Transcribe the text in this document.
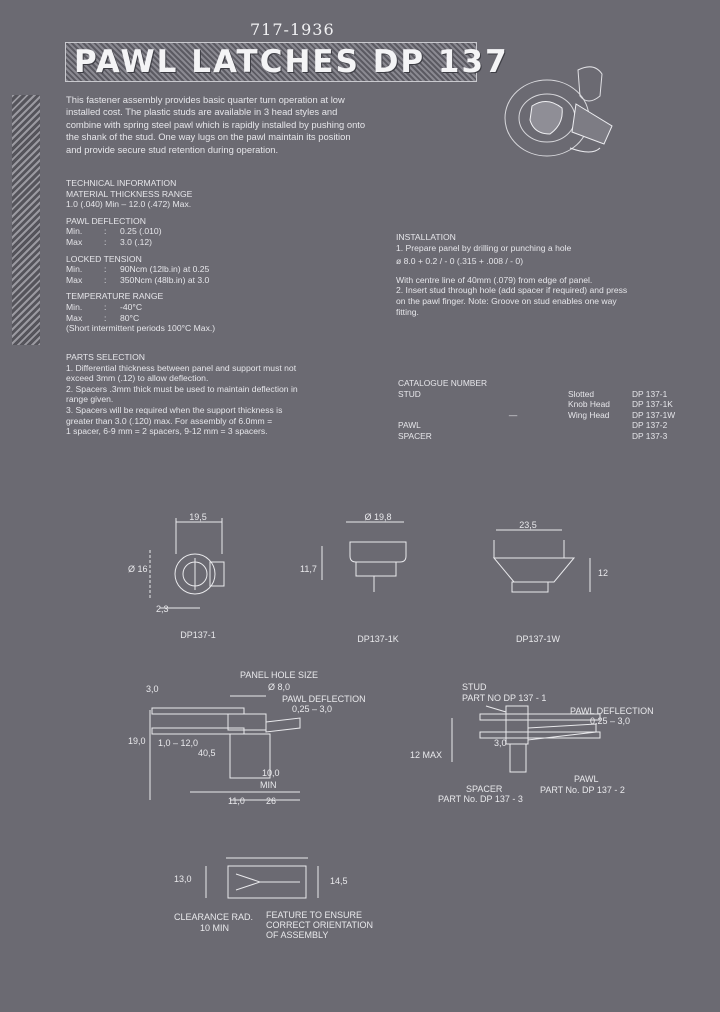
717-1936
PAWL LATCHES DP 137
This fastener assembly provides basic quarter turn operation at low installed cost. The plastic studs are available in 3 head styles and combine with spring steel pawl which is rapidly installed by pushing onto the shank of the stud. One way lugs on the pawl maintain its position and provide secure stud retention during operation.
TECHNICAL INFORMATION
MATERIAL THICKNESS RANGE
1.0 (.040) Min – 12.0 (.472) Max.
PAWL DEFLECTION
Min.	:	0.25 (.010)
Max	:	3.0 (.12)
LOCKED TENSION
Min.	:	90Ncm (12lb.in) at 0.25
Max	:	350Ncm (48lb.in) at 3.0
TEMPERATURE RANGE
Min.	:	-40°C
Max	:	80°C
(Short intermittent periods 100°C Max.)
PARTS SELECTION
1. Differential thickness between panel and support must not
exceed 3mm (.12) to allow deflection.
2. Spacers .3mm thick must be used to maintain deflection in
range given.
3. Spacers will be required when the support thickness is
greater than 3.0 (.120) max. For assembly of 6.0mm =
1 spacer, 6-9 mm = 2 spacers, 9-12 mm = 3 spacers.
INSTALLATION
1. Prepare panel by drilling or punching a hole
ø 8.0 + 0.2 / - 0 (.315 + .008 / - 0)
With centre line of 40mm (.079) from edge of panel.
2. Insert stud through hole (add spacer if required) and press
on the pawl finger. Note: Groove on stud enables one way
fitting.
CATALOGUE NUMBER
STUD	Slotted	DP 137-1
Knob Head	DP 137-1K
—	Wing Head	DP 137-1W
PAWL	DP 137-2
SPACER	DP 137-3
19,5
Ø 16
2,3
DP137-1
Ø 19,8
11,7
DP137-1K
23,5
12
DP137-1W
PANEL HOLE SIZE
Ø 8,0
PAWL DEFLECTION
0,25 – 3,0
3,0
19,0 1,0 – 12,0
40,5
10,0
MIN
11,0 26
STUD
PART NO DP 137 - 1
PAWL DEFLECTION
0,25 – 3,0
12 MAX
3,0
SPACER
PART No. DP 137 - 3
PAWL
PART No. DP 137 - 2
13,0	14,5
CLEARANCE RAD.
10 MIN
FEATURE TO ENSURE
CORRECT ORIENTATION
OF ASSEMBLY
